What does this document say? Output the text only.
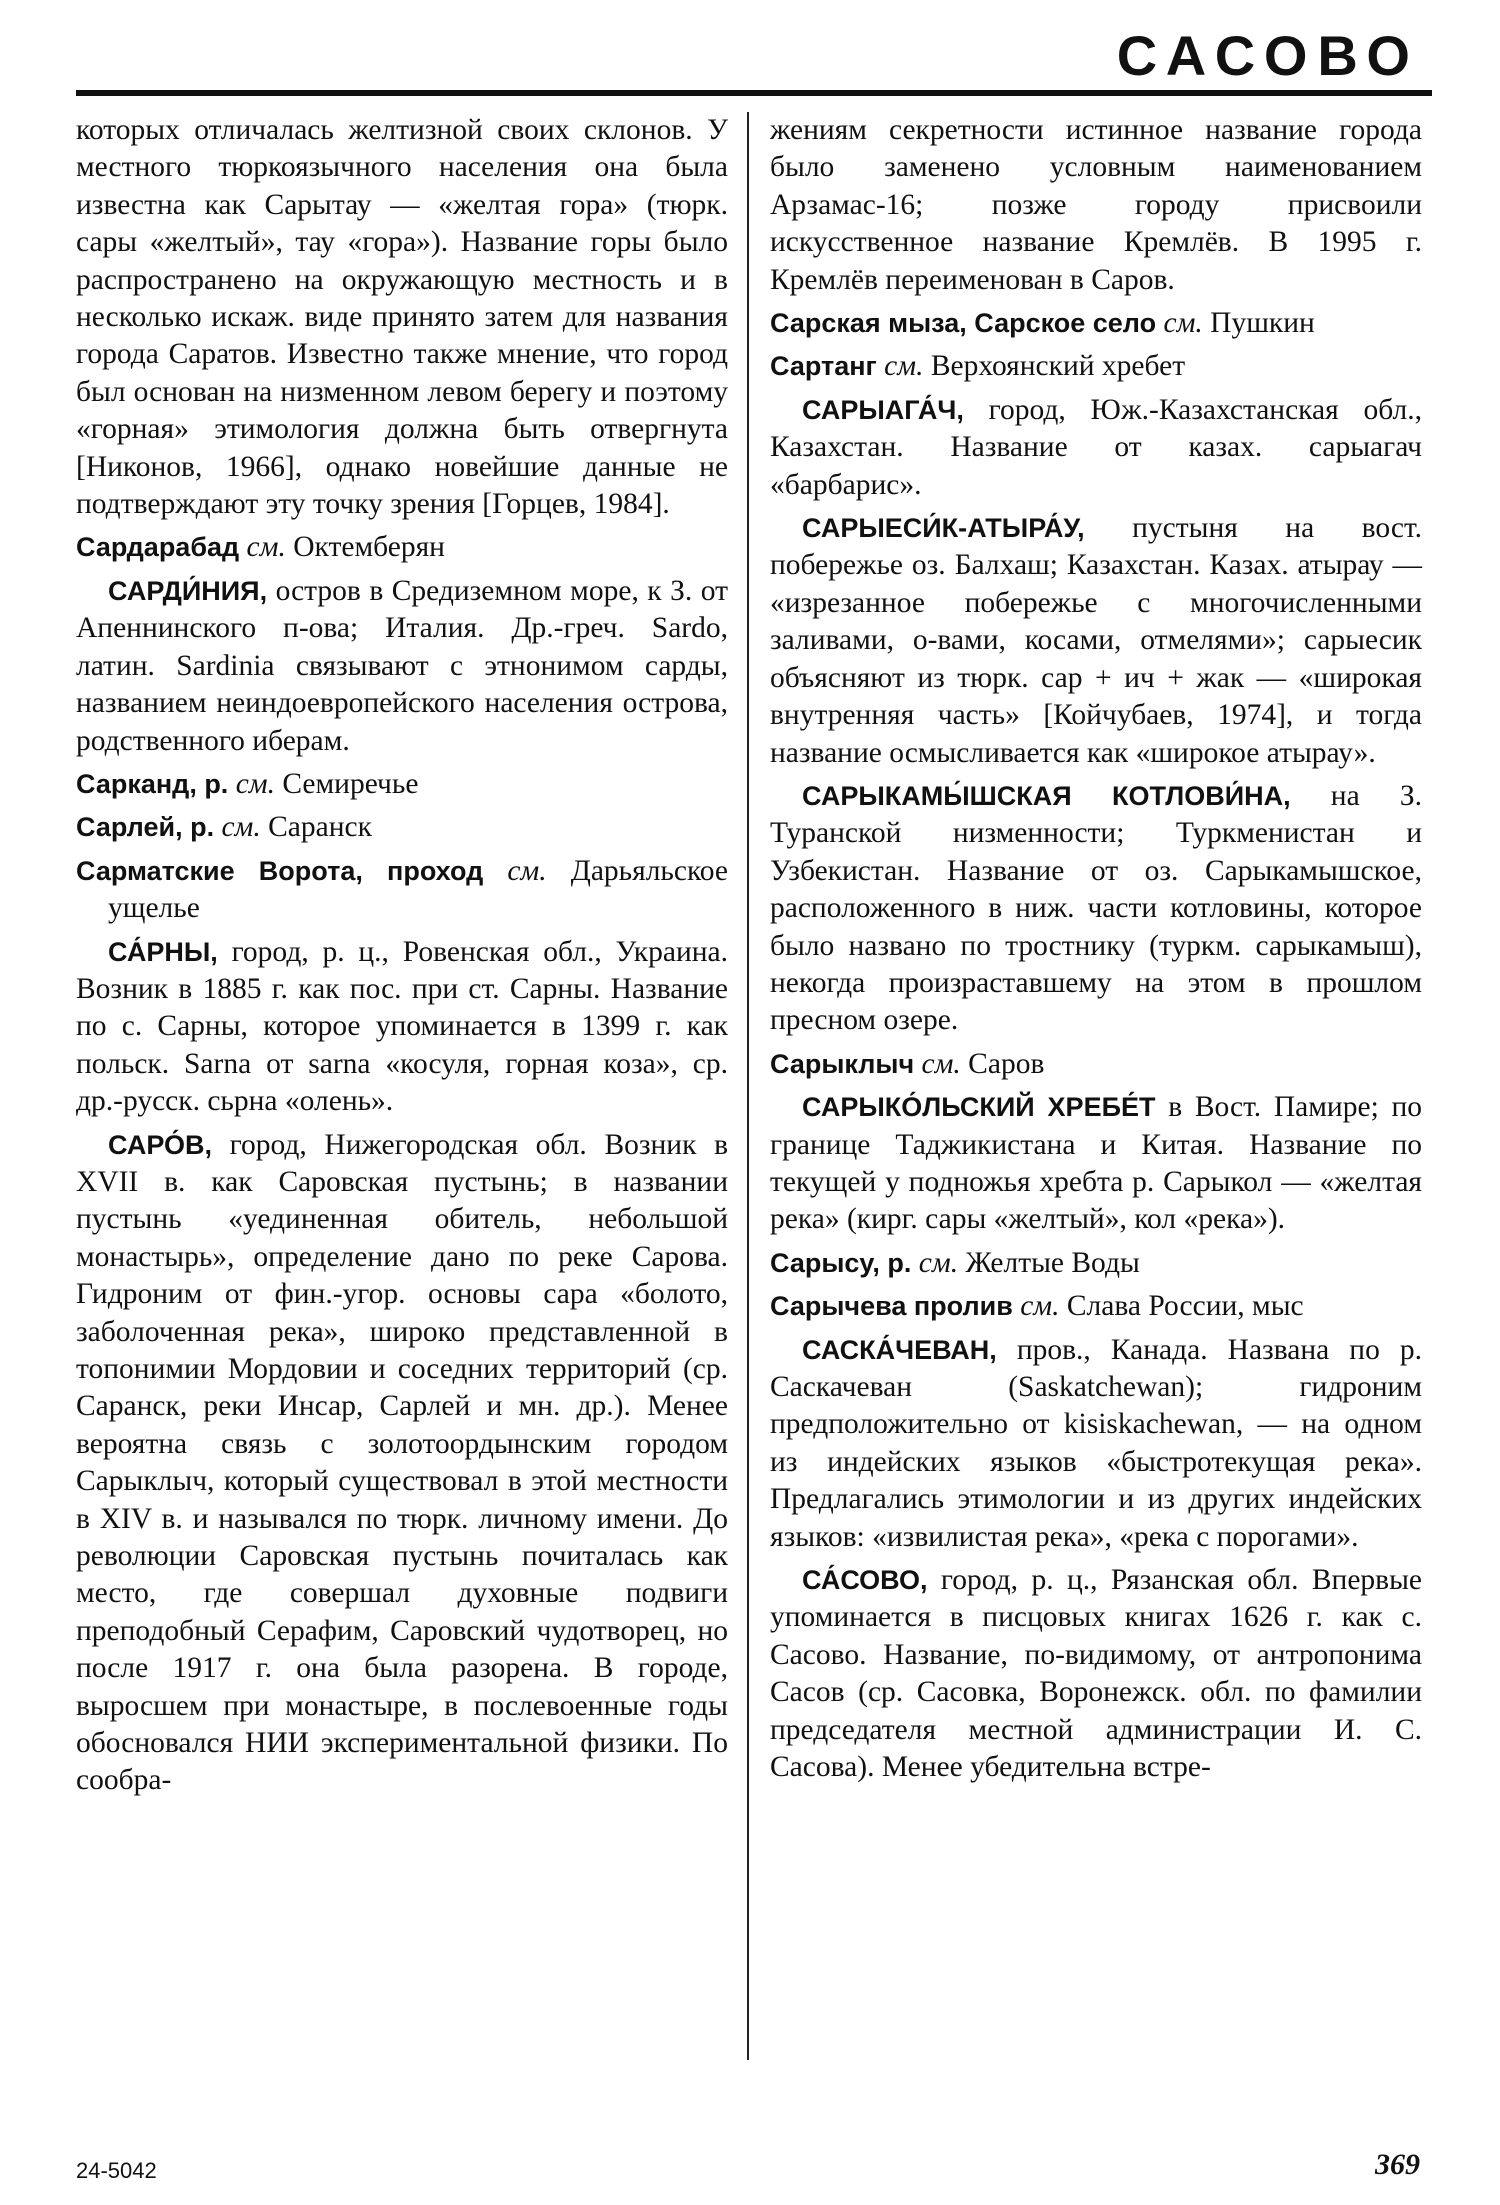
САСОВО

которых отличалась желтизной своих склонов. У местного тюркоязычного населения она была известна как Сарытау — «желтая гора» (тюрк. сары «желтый», тау «гора»). Название горы было распространено на окружающую местность и в несколько искаж. виде принято затем для названия города Саратов. Известно также мнение, что город был основан на низменном левом берегу и поэтому «горная» этимология должна быть отвергнута [Никонов, 1966], однако новейшие данные не подтверждают эту точку зрения [Горцев, 1984].

Сардарабад см. Октемберян

САРДИ́НИЯ, остров в Средиземном море, к З. от Апеннинского п-ова; Италия. Др.-греч. Sardo, латин. Sardinia связывают с этнонимом сарды, названием неиндоевропейского населения острова, родственного иберам.

Сарканд, р. см. Семиречье

Сарлей, р. см. Саранск

Сарматские Ворота, проход см. Дарьяльское ущелье

СА́РНЫ, город, р. ц., Ровенская обл., Украина. Возник в 1885 г. как пос. при ст. Сарны. Название по с. Сарны, которое упоминается в 1399 г. как польск. Sarna от sarna «косуля, горная коза», ср. др.-русск. сьрна «олень».

САРО́В, город, Нижегородская обл. Возник в XVII в. как Саровская пустынь; в названии пустынь «уединенная обитель, небольшой монастырь», определение дано по реке Сарова. Гидроним от фин.-угор. основы сара «болото, заболоченная река», широко представленной в топонимии Мордовии и соседних территорий (ср. Саранск, реки Инсар, Сарлей и мн. др.). Менее вероятна связь с золотоордынским городом Сарыклыч, который существовал в этой местности в XIV в. и назывался по тюрк. личному имени. До революции Саровская пустынь почиталась как место, где совершал духовные подвиги преподобный Серафим, Саровский чудотворец, но после 1917 г. она была разорена. В городе, выросшем при монастыре, в послевоенные годы обосновался НИИ экспериментальной физики. По сообра-

жениям секретности истинное название города было заменено условным наименованием Арзамас-16; позже городу присвоили искусственное название Кремлёв. В 1995 г. Кремлёв переименован в Саров.

Сарская мыза, Сарское село см. Пушкин

Сартанг см. Верхоянский хребет

САРЫАГА́Ч, город, Юж.-Казахстанская обл., Казахстан. Название от казах. сарыагач «барбарис».

САРЫЕСИ́К-АТЫРА́У, пустыня на вост. побережье оз. Балхаш; Казахстан. Казах. атырау — «изрезанное побережье с многочисленными заливами, о-вами, косами, отмелями»; сарыесик объясняют из тюрк. сар + ич + жак — «широкая внутренняя часть» [Койчубаев, 1974], и тогда название осмысливается как «широкое атырау».

САРЫКАМЫ́ШСКАЯ КОТЛОВИ́НА, на З. Туранской низменности; Туркменистан и Узбекистан. Название от оз. Сарыкамышское, расположенного в ниж. части котловины, которое было названо по тростнику (туркм. сарыкамыш), некогда произраставшему на этом в прошлом пресном озере.

Сарыклыч см. Саров

САРЫКО́ЛЬСКИЙ ХРЕБЕ́Т в Вост. Памире; по границе Таджикистана и Китая. Название по текущей у подножья хребта р. Сарыкол — «желтая река» (кирг. сары «желтый», кол «река»).

Сарысу, р. см. Желтые Воды

Сарычева пролив см. Слава России, мыс

САСКА́ЧЕВАН, пров., Канада. Названа по р. Саскачеван (Saskatchewan); гидроним предположительно от kisiskachewan, — на одном из индейских языков «быстротекущая река». Предлагались этимологии и из других индейских языков: «извилистая река», «река с порогами».

СА́СОВО, город, р. ц., Рязанская обл. Впервые упоминается в писцовых книгах 1626 г. как с. Сасово. Название, по-видимому, от антропонима Сасов (ср. Сасовка, Воронежск. обл. по фамилии председателя местной администрации И. С. Сасова). Менее убедительна встре-

24-5042	369
